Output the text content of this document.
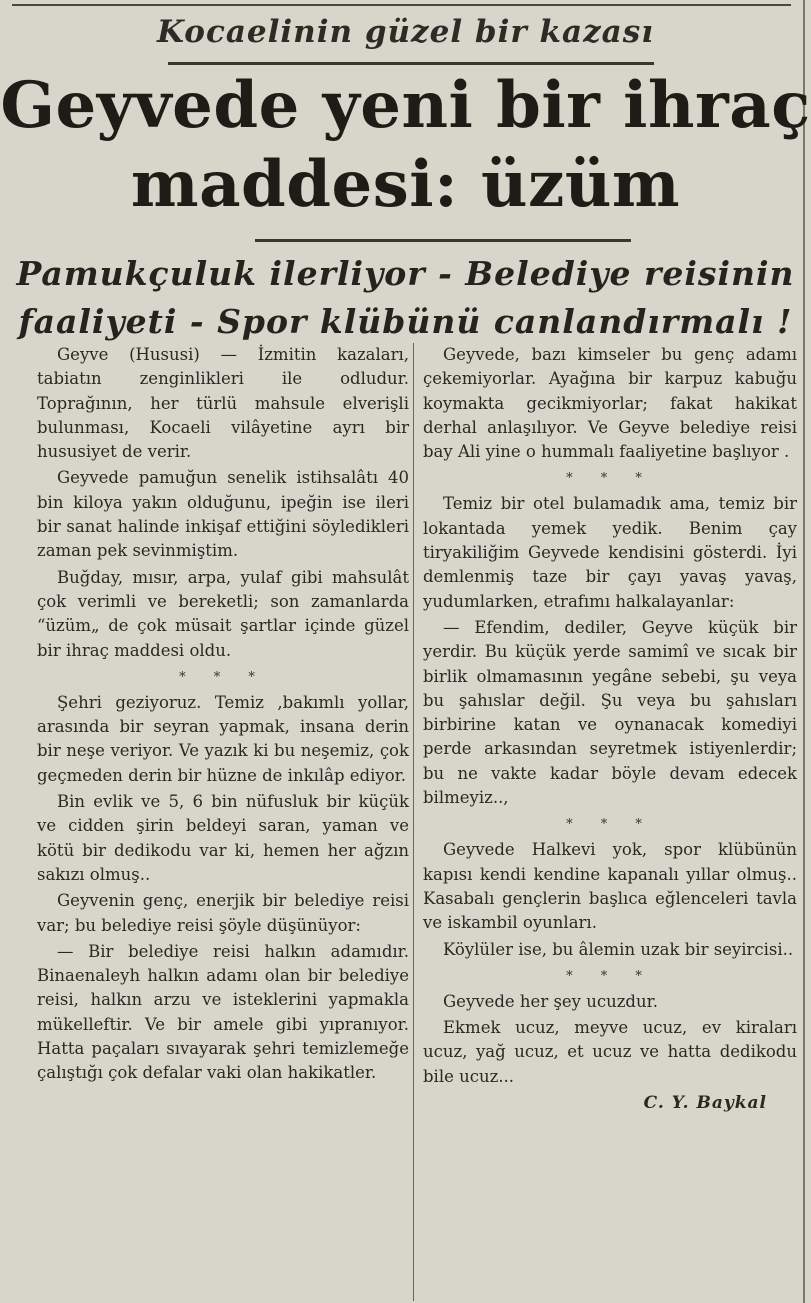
Kocaelinin güzel bir kazası
Geyvede yeni bir ihraç
maddesi: üzüm
Pamukçuluk ilerliyor - Belediye reisinin
faaliyeti - Spor klübünü canlandırmalı !

Geyve (Hususi) — İzmitin kazaları, tabiatın zenginlikleri ile odludur. Toprağının, her türlü mahsule elverişli bulunması, Kocaeli vilâyetine ayrı bir hususiyet de verir.

Geyvede pamuğun senelik istihsalâtı 40 bin kiloya yakın olduğunu, ipeğin ise ileri bir sanat halinde inkişaf ettiğini söyledikleri zaman pek sevinmiştim.

Buğday, mısır, arpa, yulaf gibi mahsulât çok verimli ve bereketli; son zamanlarda “üzüm„ de çok müsait şartlar içinde güzel bir ihraç maddesi oldu.

* * *

Şehri geziyoruz. Temiz ,bakımlı yollar, arasında bir seyran yapmak, insana derin bir neşe veriyor. Ve yazık ki bu neşemiz, çok geçmeden derin bir hüzne de inkılâp ediyor.

Bin evlik ve 5, 6 bin nüfusluk bir küçük ve cidden şirin beldeyi saran, yaman ve kötü bir dedikodu var ki, hemen her ağzın sakızı olmuş..

Geyvenin genç, enerjik bir belediye reisi var; bu belediye reisi şöyle düşünüyor:

— Bir belediye reisi halkın adamıdır. Binaenaleyh halkın adamı olan bir belediye reisi, halkın arzu ve isteklerini yapmakla mükelleftir. Ve bir amele gibi yıpranıyor. Hatta paçaları sıvayarak şehri temizlemeğe çalıştığı çok defalar vaki olan hakikatler.

Geyvede, bazı kimseler bu genç adamı çekemiyorlar. Ayağına bir karpuz kabuğu koymakta gecikmiyorlar; fakat hakikat derhal anlaşılıyor. Ve Geyve belediye reisi bay Ali yine o hummalı faaliyetine başlıyor .

* * *

Temiz bir otel bulamadık ama, temiz bir lokantada yemek yedik. Benim çay tiryakiliğim Geyvede kendisini gösterdi. İyi demlenmiş taze bir çayı yavaş yavaş, yudumlarken, etrafımı halkalayanlar:

— Efendim, dediler, Geyve küçük bir yerdir. Bu küçük yerde samimî ve sıcak bir birlik olmamasının yegâne sebebi, şu veya bu şahıslar değil. Şu veya bu şahısları birbirine katan ve oynanacak komediyi perde arkasından seyretmek istiyenlerdir; bu ne vakte kadar böyle devam edecek bilmeyiz..,

* * *

Geyvede Halkevi yok, spor klübünün kapısı kendi kendine kapanalı yıllar olmuş.. Kasabalı gençlerin başlıca eğlenceleri tavla ve iskambil oyunları.

Köylüler ise, bu âlemin uzak bir seyircisi..

* * *

Geyvede her şey ucuzdur.

Ekmek ucuz, meyve ucuz, ev kiraları ucuz, yağ ucuz, et ucuz ve hatta dedikodu bile ucuz...

C. Y. Baykal
